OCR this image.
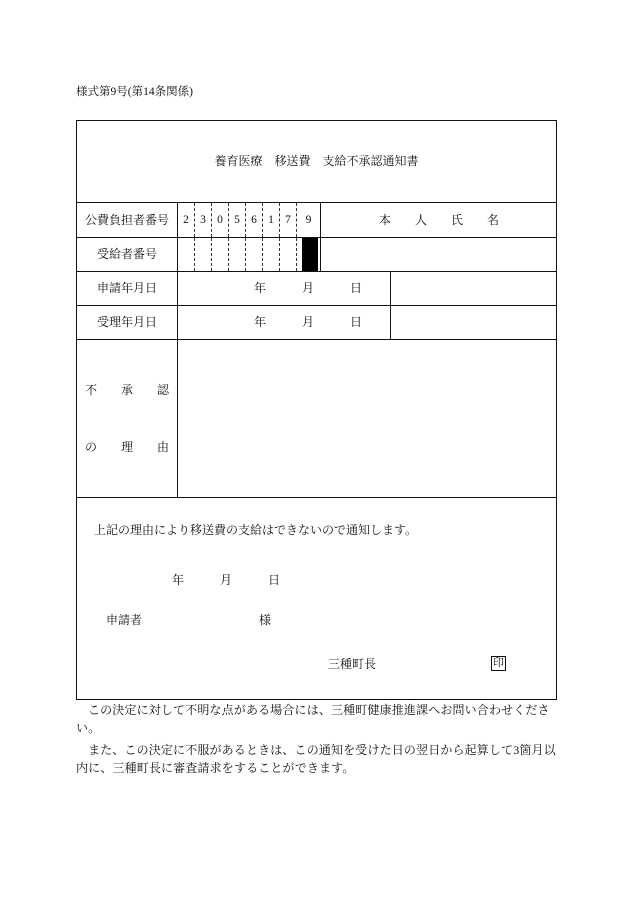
様式第9号(第14条関係)
養育医療　移送費　支給不承認通知書
公費負担者番号	2 3 0 5 6 1 7	9	本　　人　　氏　　名
受給者番号
申請年月日	年　　　月　　　日
受理年月日	年　　　月　　　日
不　　承　　認
の　　理　　由
上記の理由により移送費の支給はできないので通知します。
年　　　月　　　日
申請者	様
三種町長	印

この決定に対して不明な点がある場合には、三種町健康推進課へお問い合わせください。

また、この決定に不服があるときは、この通知を受けた日の翌日から起算して3箇月以内に、三種町長に審査請求をすることができます。
